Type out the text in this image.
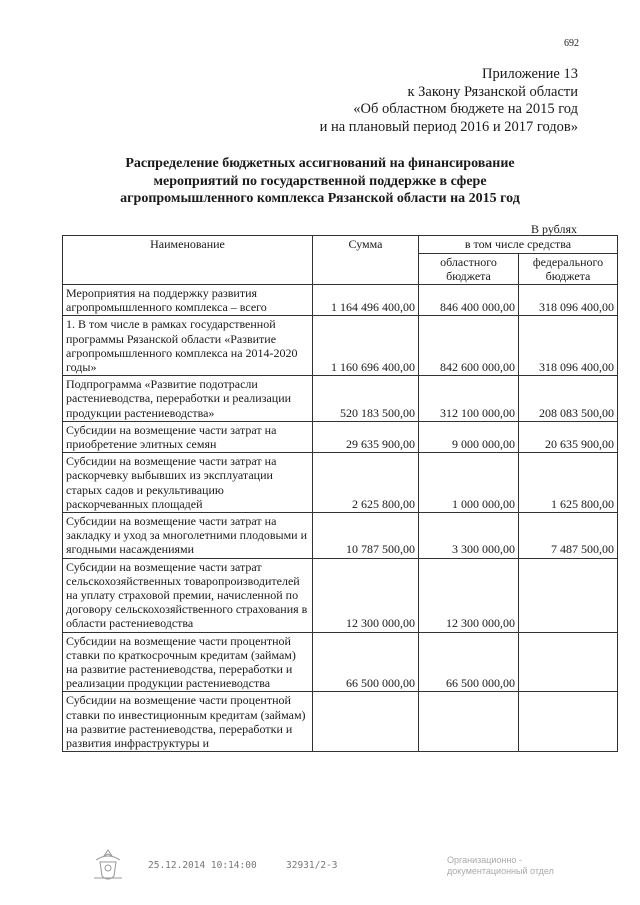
692
Приложение 13
к Закону Рязанской области
«Об областном бюджете на 2015 год
и на плановый период 2016 и 2017 годов»
Распределение бюджетных ассигнований на финансирование
мероприятий по государственной поддержке в сфере
агропромышленного комплекса Рязанской области на 2015 год
В рублях
Наименование	Сумма	в том числе средства	
		областного бюджета	федерального бюджета
Мероприятия на поддержку развития агропромышленного комплекса – всего	1 164 496 400,00	846 400 000,00	318 096 400,00
1. В том числе в рамках государственной программы Рязанской области «Развитие агропромышленного комплекса на 2014-2020 годы»	1 160 696 400,00	842 600 000,00	318 096 400,00
Подпрограмма «Развитие подотрасли растениеводства, переработки и реализации продукции растениеводства»	520 183 500,00	312 100 000,00	208 083 500,00
Субсидии на возмещение части затрат на приобретение элитных семян	29 635 900,00	9 000 000,00	20 635 900,00
Субсидии на возмещение части затрат на раскорчевку выбывших из эксплуатации старых садов и рекультивацию раскорчеванных площадей	2 625 800,00	1 000 000,00	1 625 800,00
Субсидии на возмещение части затрат на закладку и уход за многолетними плодовыми и ягодными насаждениями	10 787 500,00	3 300 000,00	7 487 500,00
Субсидии на возмещение части затрат сельскохозяйственных товаропроизводителей на уплату страховой премии, начисленной по договору сельскохозяйственного страхования в области растениеводства	12 300 000,00	12 300 000,00	
Субсидии на возмещение части процентной ставки по краткосрочным кредитам (займам) на развитие растениеводства, переработки и реализации продукции растениеводства	66 500 000,00	66 500 000,00	
Субсидии на возмещение части процентной ставки по инвестиционным кредитам (займам) на развитие растениеводства, переработки и развития инфраструктуры и			
25.12.2014 10:14:00	32931/2-3	Организационно -
документационный отдел
